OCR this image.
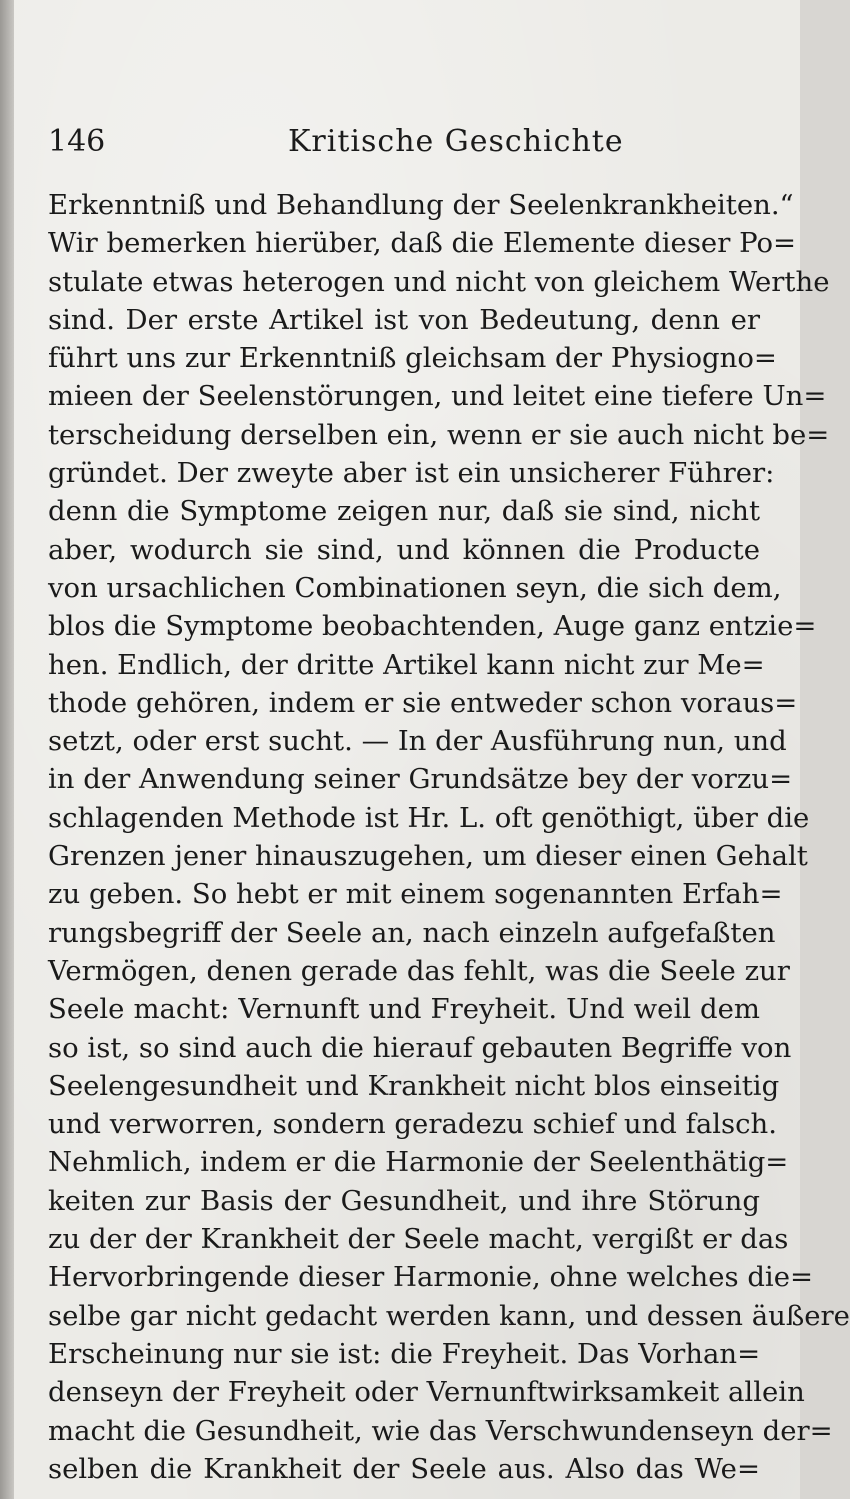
146	Kritische Geschichte
Erkenntniß und Behandlung der Seelenkrankheiten.“
Wir bemerken hierüber, daß die Elemente dieser Po=
stulate etwas heterogen und nicht von gleichem Werthe
sind. Der erste Artikel ist von Bedeutung, denn er
führt uns zur Erkenntniß gleichsam der Physiogno=
mieen der Seelenstörungen, und leitet eine tiefere Un=
terscheidung derselben ein, wenn er sie auch nicht be=
gründet. Der zweyte aber ist ein unsicherer Führer:
denn die Symptome zeigen nur, daß sie sind, nicht
aber, wodurch sie sind, und können die Producte
von ursachlichen Combinationen seyn, die sich dem,
blos die Symptome beobachtenden, Auge ganz entzie=
hen. Endlich, der dritte Artikel kann nicht zur Me=
thode gehören, indem er sie entweder schon voraus=
setzt, oder erst sucht. — In der Ausführung nun, und
in der Anwendung seiner Grundsätze bey der vorzu=
schlagenden Methode ist Hr. L. oft genöthigt, über die
Grenzen jener hinauszugehen, um dieser einen Gehalt
zu geben. So hebt er mit einem sogenannten Erfah=
rungsbegriff der Seele an, nach einzeln aufgefaßten
Vermögen, denen gerade das fehlt, was die Seele zur
Seele macht: Vernunft und Freyheit. Und weil dem
so ist, so sind auch die hierauf gebauten Begriffe von
Seelengesundheit und Krankheit nicht blos einseitig
und verworren, sondern geradezu schief und falsch.
Nehmlich, indem er die Harmonie der Seelenthätig=
keiten zur Basis der Gesundheit, und ihre Störung
zu der der Krankheit der Seele macht, vergißt er das
Hervorbringende dieser Harmonie, ohne welches die=
selbe gar nicht gedacht werden kann, und dessen äußere
Erscheinung nur sie ist: die Freyheit. Das Vorhan=
denseyn der Freyheit oder Vernunftwirksamkeit allein
macht die Gesundheit, wie das Verschwundenseyn der=
selben die Krankheit der Seele aus. Also das We=
